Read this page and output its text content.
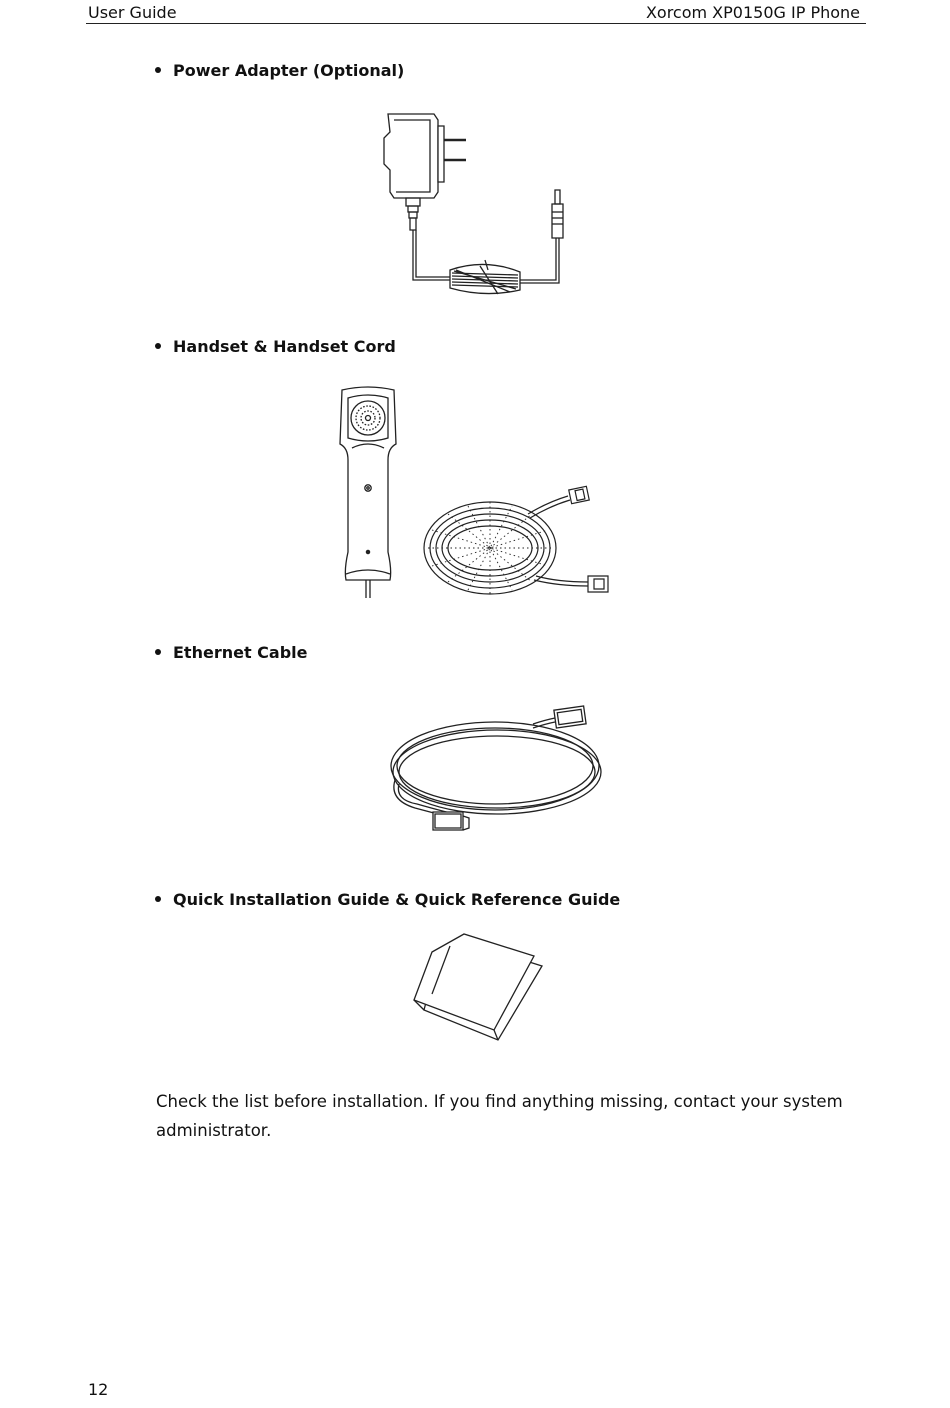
User Guide	Xorcom XP0150G IP Phone
Power Adapter (Optional)
Handset & Handset Cord
Ethernet Cable
Quick Installation Guide & Quick Reference Guide
Check the list before installation. If you find anything missing, contact your system administrator.
12
